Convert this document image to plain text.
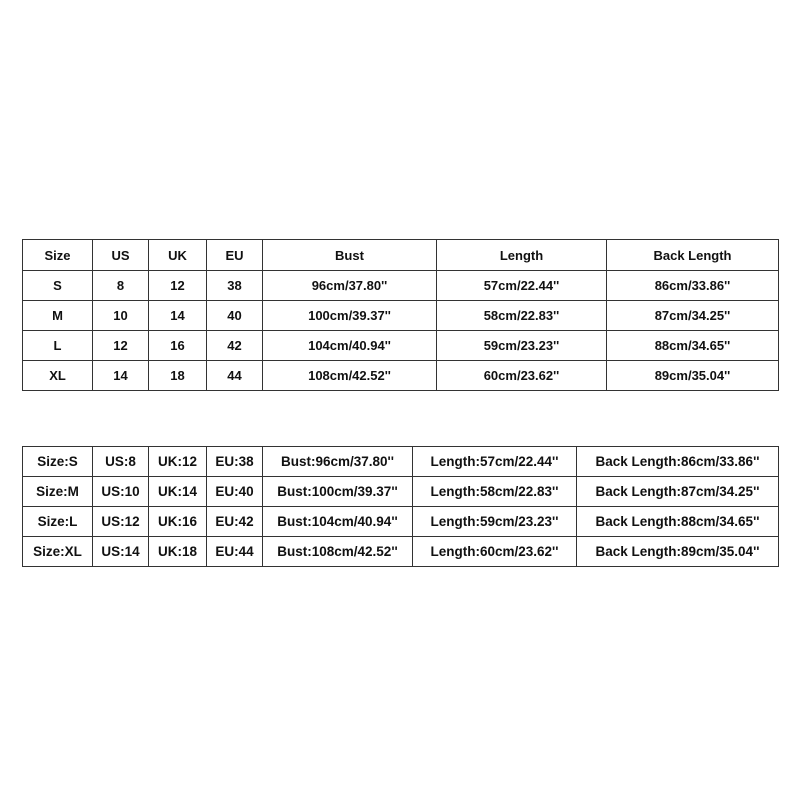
Size	US	UK	EU	Bust	Length	Back Length
S	8	12	38	96cm/37.80''	57cm/22.44''	86cm/33.86''
M	10	14	40	100cm/39.37''	58cm/22.83''	87cm/34.25''
L	12	16	42	104cm/40.94''	59cm/23.23''	88cm/34.65''
XL	14	18	44	108cm/42.52''	60cm/23.62''	89cm/35.04''
Size:S	US:8	UK:12	EU:38	Bust:96cm/37.80''	Length:57cm/22.44''	Back Length:86cm/33.86''
Size:M	US:10	UK:14	EU:40	Bust:100cm/39.37''	Length:58cm/22.83''	Back Length:87cm/34.25''
Size:L	US:12	UK:16	EU:42	Bust:104cm/40.94''	Length:59cm/23.23''	Back Length:88cm/34.65''
Size:XL	US:14	UK:18	EU:44	Bust:108cm/42.52''	Length:60cm/23.62''	Back Length:89cm/35.04''
